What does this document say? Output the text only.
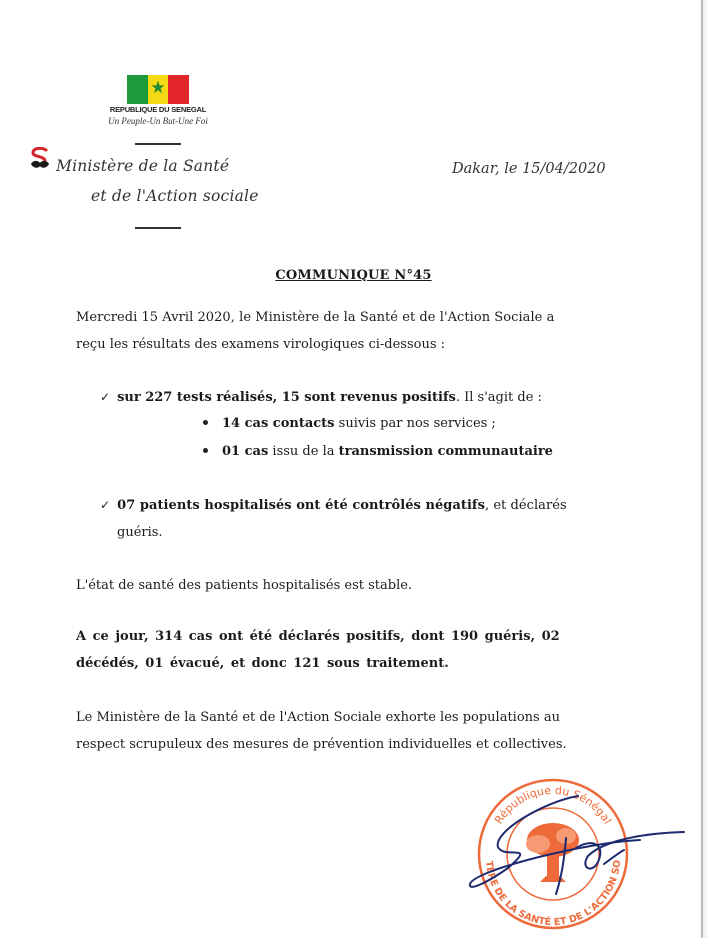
★
REPUBLIQUE DU SENEGAL
Un Peuple-Un But-Une Foi
Ministère de la Santé
et de l'Action sociale
Dakar, le 15/04/2020
COMMUNIQUE N°45
Mercredi 15 Avril 2020, le Ministère de la Santé et de l'Action Sociale a
reçu les résultats des examens virologiques ci-dessous :
✓ sur 227 tests réalisés, 15 sont revenus positifs. Il s'agit de :
14 cas contacts suivis par nos services ;
01 cas issu de la transmission communautaire
✓ 07 patients hospitalisés ont été contrôlés négatifs, et déclarés
guéris.
L'état de santé des patients hospitalisés est stable.
A ce jour, 314 cas ont été déclarés positifs, dont 190 guéris, 02
décédés, 01 évacué, et donc 121 sous traitement.
Le Ministère de la Santé et de l'Action Sociale exhorte les populations au
respect scrupuleux des mesures de prévention individuelles et collectives.
République du Sénégal
TÈRE DE LA SANTÉ ET DE L'ACTION SO
